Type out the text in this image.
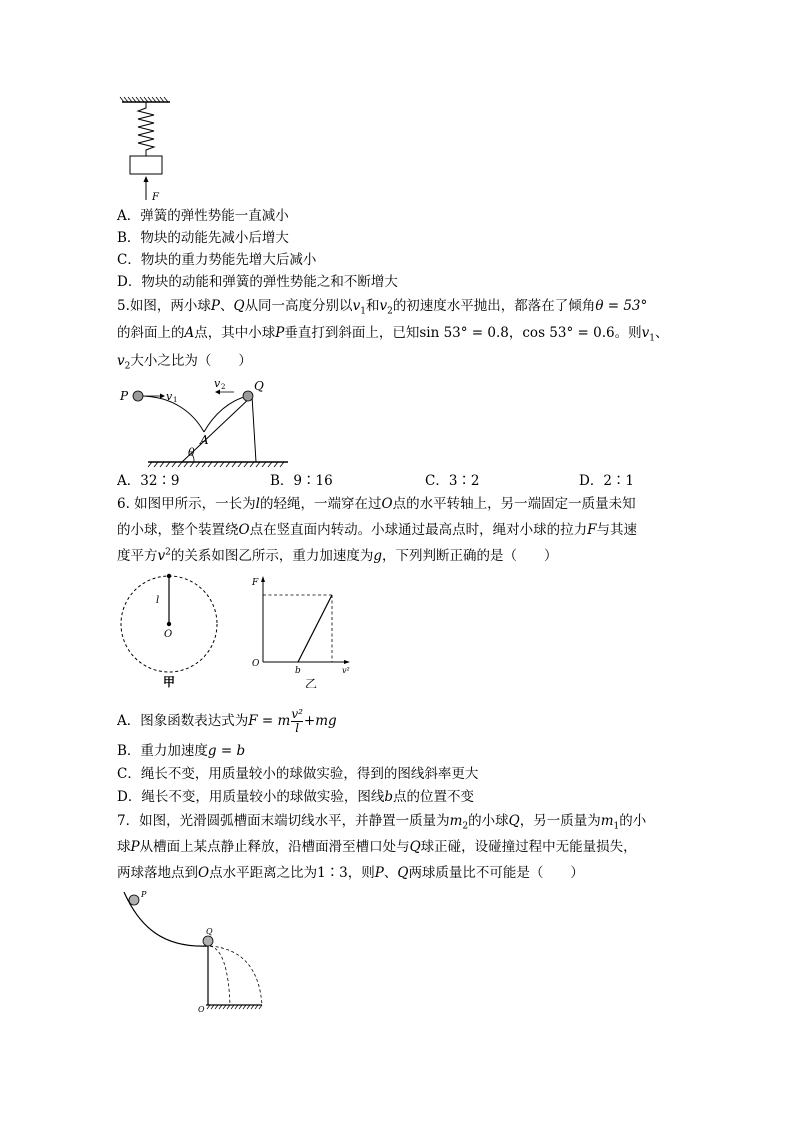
F
A．弹簧的弹性势能一直减小
B．物块的动能先减小后增大
C．物块的重力势能先增大后减小
D．物块的动能和弹簧的弹性势能之和不断增大
5.如图，两小球P、Q从同一高度分别以$v_1$和$v_2$的初速度水平抛出，都落在了倾角θ = 53°
的斜面上的A点，其中小球P垂直打到斜面上，已知sin 53° = 0.8，cos 53° = 0.6。则$v_1$、
$v_2$大小之比为（　　）
P
Q
v 1
v 2
A
θ
A．32∶9	B．9∶16	C．3∶2	D．2∶1
6. 如图甲所示，一长为l的轻绳，一端穿在过O点的水平转轴上，另一端固定一质量未知
的小球，整个装置绕O点在竖直面内转动。小球通过最高点时，绳对小球的拉力F与其速
度平方$v^2$的关系如图乙所示，重力加速度为g，下列判断正确的是（　　）
l
O
甲
F
O
b	v²
乙
A．图象函数表达式为F = m $\frac{\text{v²}}{l} +mg$
B．重力加速度g = b
C．绳长不变，用质量较小的球做实验，得到的图线斜率更大
D．绳长不变，用质量较小的球做实验，图线b点的位置不变
7．如图，光滑圆弧槽面末端切线水平，并静置一质量为$m_2$的小球Q，另一质量为$m_1$的小
球P从槽面上某点静止释放，沿槽面滑至槽口处与Q球正碰，设碰撞过程中无能量损失，
两球落地点到O点水平距离之比为1∶3，则P、Q两球质量比不可能是（　　）
P
Q
O
